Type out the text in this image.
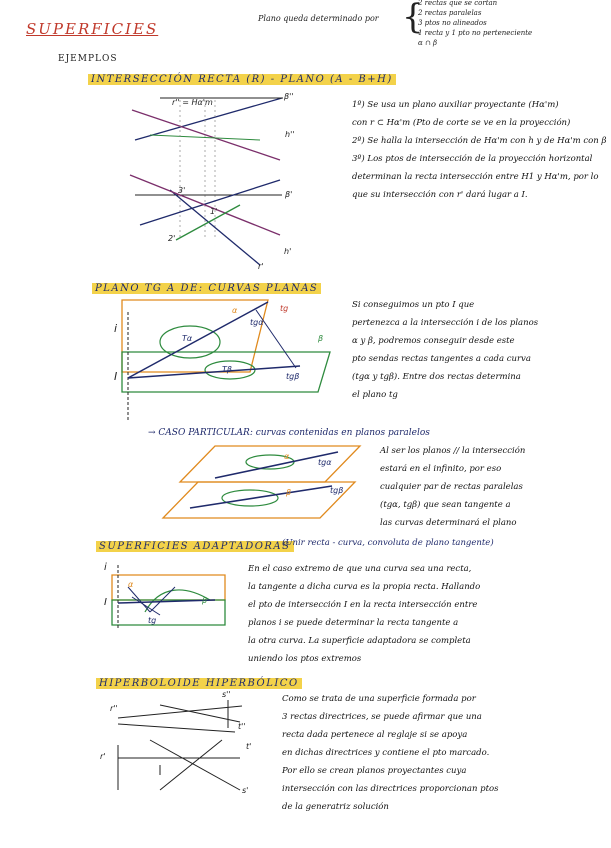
SUPERFICIES
Plano queda determinado por {
2 rectas que se cortan
2 rectas paralelas
3 ptos no alineados
1 recta y 1 pto no perteneciente
α ∩ β
EJEMPLOS
INTERSECCIÓN RECTA (R) - PLANO (Α - Β+H)
r'' = Hα'm
β''
h''
β'
h'
r'
2'
3'
1'
1º) Se usa un plano auxiliar proyectante (Hα'm)
con r ⊂ Hα'm (Pto de corte se ve en la proyección)
2º) Se halla la intersección de Hα'm con h y de Hα'm con β
3º) Los ptos de intersección de la proyección horizontal determinan la recta intersección entre H1 y Hα'm, por lo que su intersección con r' dará lugar a I.
PLANO TG A DE: CURVAS PLANAS
i
I
α
β
tgα
tgβ
Tα
Tβ
tg	Si conseguimos un pto I que
pertenezca a la intersección i de los planos
α y β, podremos conseguir desde este
pto sendas rectas tangentes a cada curva
(tgα y tgβ). Entre dos rectas determina
el plano tg
→ CASO PARTICULAR: curvas contenidas en planos paralelos
α
β
tgα
tgβ
Al ser los planos // la intersección
estará en el infinito, por eso
cualquier par de rectas paralelas
(tgα, tgβ) que sean tangente a
las curvas determinará el plano
SUPERFICIES ADAPTADORAS
(Unir recta - curva, convoluta de plano tangente)
i
I
α
β
tg
En el caso extremo de que una curva sea una recta,
la tangente a dicha curva es la propia recta. Hallando
el pto de intersección I en la recta intersección entre
planos i se puede determinar la recta tangente a
la otra curva. La superficie adaptadora se completa
uniendo los ptos extremos
HIPERBOLOIDE HIPERBÓLICO
r''
s''
t''
r'
s'
t'
Como se trata de una superficie formada por
3 rectas directrices, se puede afirmar que una
recta dada pertenece al reglaje si se apoya
en dichas directrices y contiene el pto marcado.
Por ello se crean planos proyectantes cuya
intersección con las directrices proporcionan ptos
de la generatriz solución
